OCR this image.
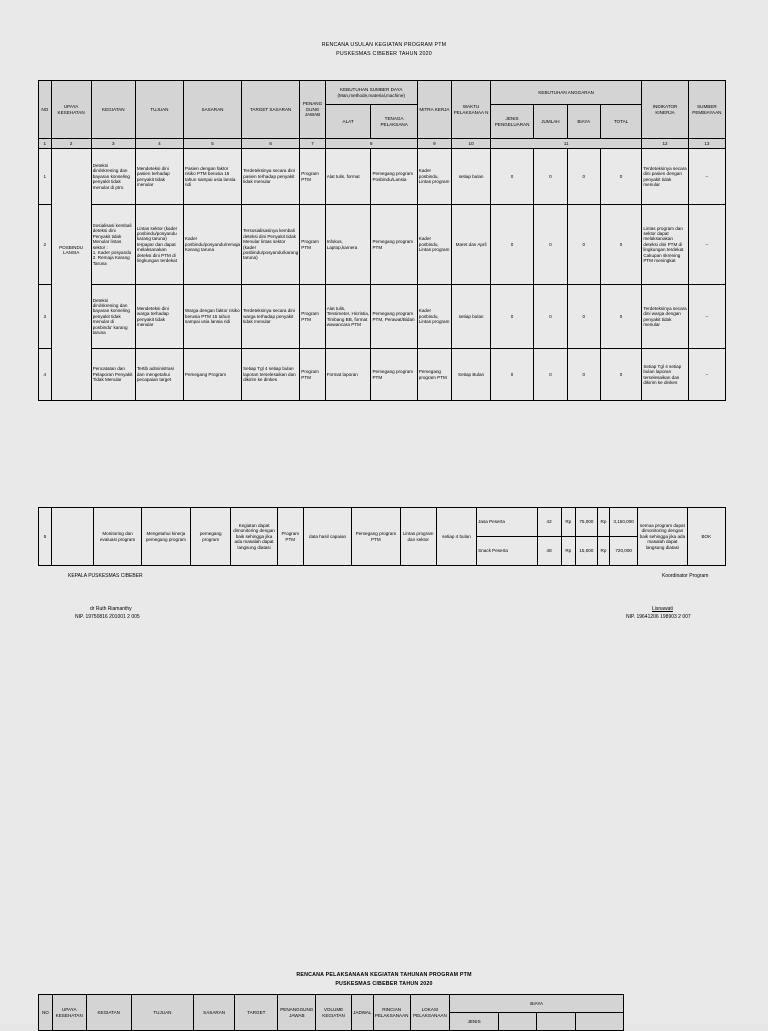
RENCANA USULAN KEGIATAN PROGRAM PTM
PUSKESMAS CIBEBER TAHUN 2020
NO	UPAYA KESEHATAN	KEGIATAN	TUJUAN	SASARAN	TARGET SASARAN	PENANG GUNG JAWAB	KEBUTUHAN SUMBER DAYA
(Man,methode,material,machine)		MITRA KERJA	WAKTU PELAKSANAA N	KEBUTUHAN ANGGARAN				INDIKATOR KINERJA	SUMBER PEMBIAYAAN
							ALAT	TENAGA PELAKSANA			JENIS PENGELUARAN	JUMLAH	BIAYA	TOTAL		
1	2	3	4	5	6	7	8		9	10	11				12	13
1	POSBINDU LANSIA	Deteksi dini/skrening dan bayaran konseling penyakit tidak menular di ptm.	Mendeteksi dini pasien terhadap penyakit tidak menular	Pasien dengan faktor risiko PTM berusia 15 tahun sampai usia lansia ridi	Terdeteksinya secara dini pasien terhadap penyakit tidak menular	Program PTM	Alat tulis, format	Pemegang program Posbindu/Lansia	Kader posbindu, Lintas program	setiap bulan	0	0	0	0	Terdeteksinya secara dini pasien dengan penyakit tidak menular	–
2		Sosialisasi kembali deteksi dini Penyakit tidak Menular lintas sektor :
1. Kader posyandu
2. Remaja Karang Taruna	Lintas sektor (kader posbindu/posyandu karang taruna) terpapar dan dapat melaksanakan deteksi dini PTM di lingkungan terdekat	Kader posbindu/posyandu/remaja Karang taruna	Tersosialisasinya kembali deteksi dini Penyakit tidak Menular lintas sektor (kader posbindu/posyandu/karang taruna)	Program PTM	Infokus, Laptop,kamera	Pemegang program PTM	Kader posbindu, Lintas program	Maret dan April	0	0	0	0	Lintas program dan sektor dapat melaksanakan deteksi dini PTM di lingkungan terdekat Cakupan skrening PTM meningkat	–
3		Deteksi dini/skrening dan bayaran konseling penyakit tidak menular di posbindu' karang taruna	Mendeteksi dini warga terhadap penyakit tidak menular	Warga dengan faktor risiko berusia PTM 15 tahun sampai usia lansia ridi	Terdeteksinya secara dini warga terhadap penyakit tidak menular	Program PTM	Alat tulis, Tensimeter, Hicristia, Timbang BB, format wawancara PTM	Pemegang program PTM, Perawat/Bidan	Kader posbindu, Lintas program	setiap bulan	0	0	0	0	Terdeteksinya secara dini warga dengan penyakit tidak menular	–
4		Pencatatan dan Pelaporan Penyakit Tidak Menular	Tertib administrasi dan mengetahui pecapaian target	Pemegang Program	Setiap Tgl 4 setiap bulan laporan terselesaikan dan dikirim ke dinkes	Program PTM	Format laporan	Pemegang program PTM	Pemegang program PTM	Setiap Bulan	0	0	0	0	Setiap Tgl 4 setiap bulan laporan terselesaikan dan dikirim ke dinkes	–
5		Monitoring dan evaluasi program	Mengetahui kinerja pemegang program	pemegang program	Kegiatan dapat dimonitoring dengan baik sehingga jika ada masalah dapat langsung diatasi	Program PTM	data hasil capaian	Pemegang program PTM	Lintas program dan sektor	setiap 4 bulan	Jasa Peserta	42	Rp	75,000	Rp	3,150,000	semua program dapat dimonitoring dengan baik sehingga jika ada masalah dapat langsung diatasi	BOK
											Snack Peserta	48	Rp	15,000	Rp	720,000		
KEPALA PUSKESMAS CIBEBER	Koordinator Program
dr Ruth Riamanthy
NIP. 19750816 201001 2 005
Lisnawati
NIP. 19641206 198903 2 007
RENCANA PELAKSANAAN KEGIATAN TAHUNAN PROGRAM PTM
PUSKESMAS CIBEBER TAHUN 2020
NO	UPAYA KESEHATAN	KEGIATAN	TUJUAN	SASARAN	TARGET	PENANGGUNG JAWAB	VOLUME KEGIATAN	JADWAL	RINCIAN PELAKSANAAN	LOKASI PELAKSANAAN	BIAYA			
											JENIS			
